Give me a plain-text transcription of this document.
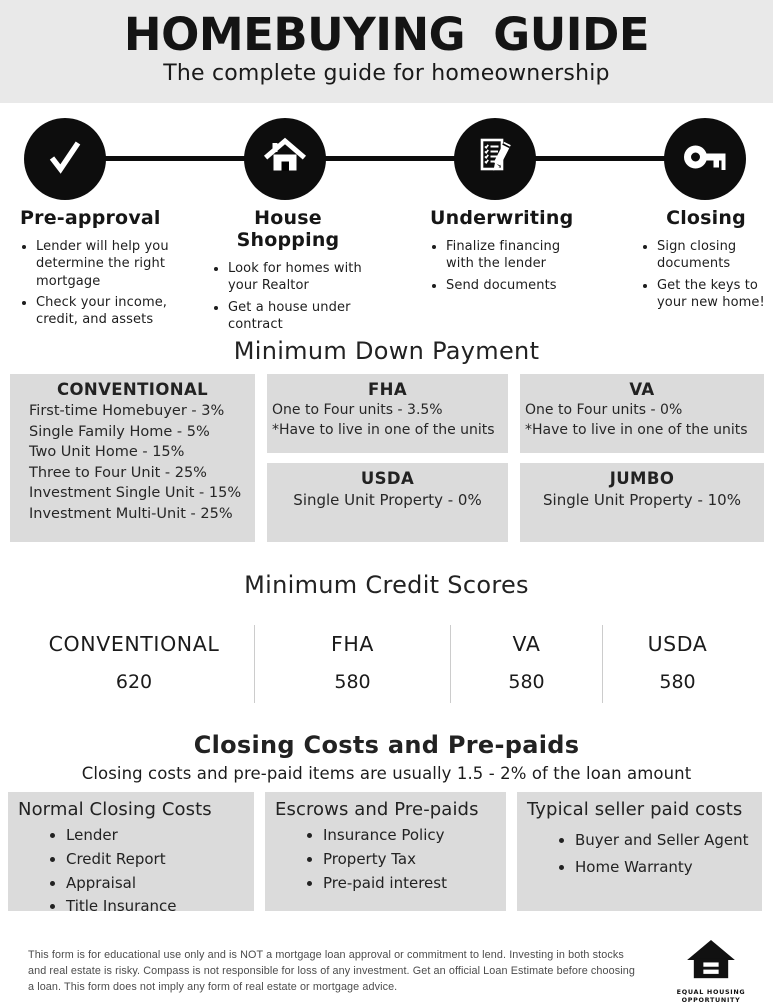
HOMEBUYING GUIDE
The complete guide for homeownership
Pre-approval
• Lender will help you determine the right mortgage
• Check your income, credit, and assets
House Shopping
• Look for homes with your Realtor
• Get a house under contract
Underwriting
• Finalize financing with the lender
• Send documents
Closing
• Sign closing documents
• Get the keys to your new home!
Minimum Down Payment
CONVENTIONAL
First-time Homebuyer - 3%
Single Family Home - 5%
Two Unit Home - 15%
Three to Four Unit - 25%
Investment Single Unit - 15%
Investment Multi-Unit - 25%
FHA
One to Four units - 3.5%
*Have to live in one of the units
VA
One to Four units - 0%
*Have to live in one of the units
USDA
Single Unit Property - 0%
JUMBO
Single Unit Property - 10%
Minimum Credit Scores
CONVENTIONAL
620
FHA
580
VA
580
USDA
580
Closing Costs and Pre-paids
Closing costs and pre-paid items are usually 1.5 - 2% of the loan amount
Normal Closing Costs
• Lender
• Credit Report
• Appraisal
• Title Insurance
Escrows and Pre-paids
• Insurance Policy
• Property Tax
• Pre-paid interest
Typical seller paid costs
• Buyer and Seller Agent
• Home Warranty
This form is for educational use only and is NOT a mortgage loan approval or commitment to lend. Investing in both stocks and real estate is risky. Compass is not responsible for loss of any investment. Get an official Loan Estimate before choosing a loan. This form does not imply any form of real estate or mortgage advice.	EQUAL HOUSING
OPPORTUNITY
